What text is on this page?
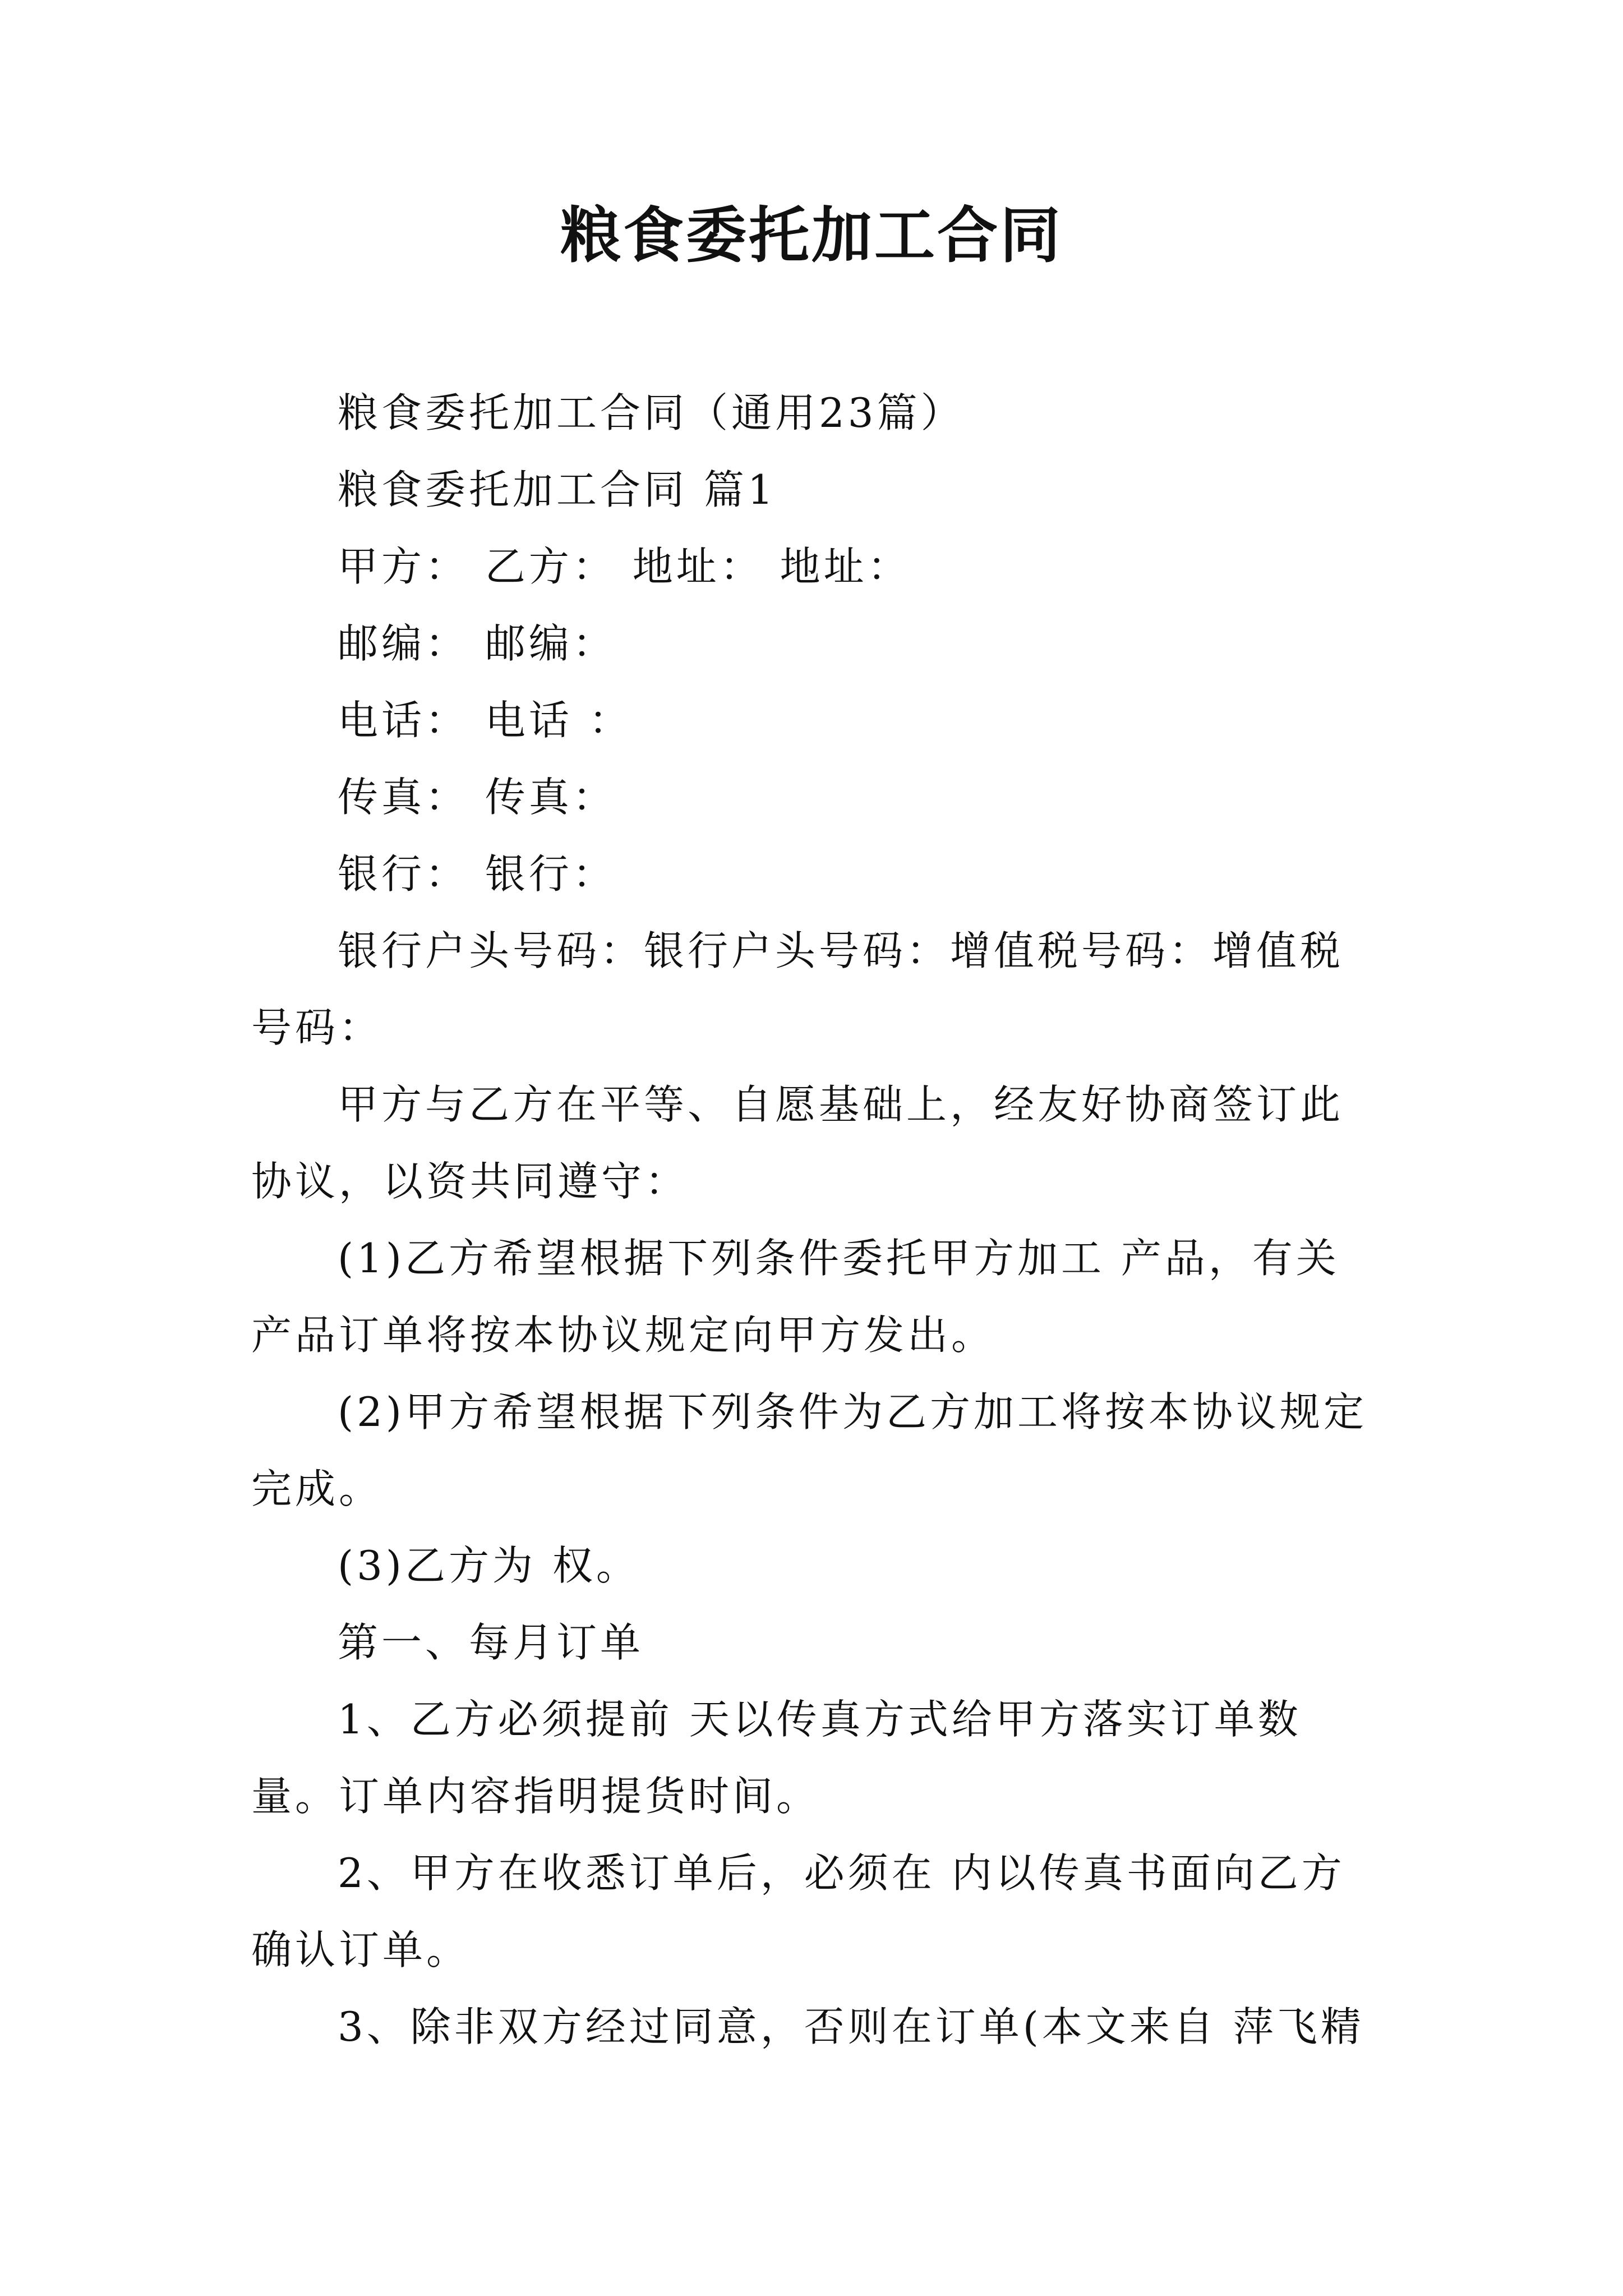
粮食委托加工合同

粮食委托加工合同（通用23篇）

粮食委托加工合同 篇1

甲方： 乙方： 地址： 地址：

邮编： 邮编：

电话： 电话 ：

传真： 传真：

银行： 银行：

银行户头号码：银行户头号码：增值税号码：增值税号码：

甲方与乙方在平等、自愿基础上，经友好协商签订此协议，以资共同遵守：

(1)乙方希望根据下列条件委托甲方加工 产品，有关产品订单将按本协议规定向甲方发出。

(2)甲方希望根据下列条件为乙方加工将按本协议规定完成。

(3)乙方为 权。

第一、每月订单

1、乙方必须提前 天以传真方式给甲方落实订单数量。订单内容指明提货时间。

2、甲方在收悉订单后，必须在 内以传真书面向乙方确认订单。

3、除非双方经过同意，否则在订单(本文来自 萍飞精
